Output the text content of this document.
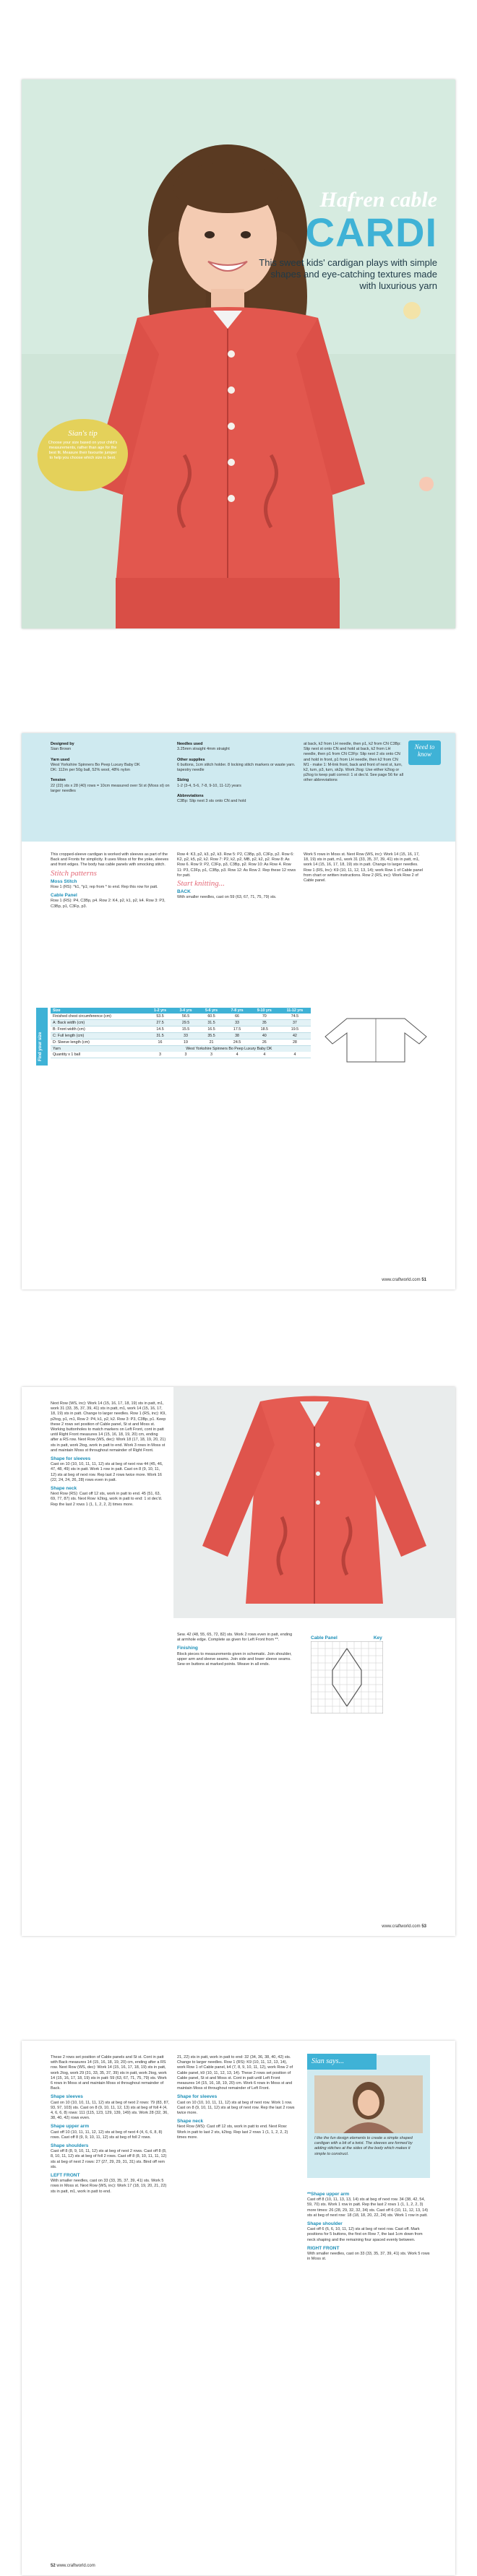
Hafren cable
CARDI
This sweet kids' cardigan plays with simple shapes and eye-catching textures made with luxurious yarn
Sian's tip
Choose your size based on your child's measurements, rather than age for the best fit. Measure their favourite jumper to help you choose which size is best.
Need to know
Designed by
Sian Brown

Yarn used
West Yorkshire Spinners Bo Peep Luxury Baby DK
DK: 112m per 50g ball, 52% wool, 48% nylon

Tension
22 (22) sts x 28 (40) rows = 10cm measured over St st (Moss st) on larger needles
Needles used
3.25mm straight 4mm straight

Other supplies
6 buttons, 1cm stitch holder. 8 locking stitch markers or waste yarn. tapestry needle

Sizing
1-2 (3-4, 5-6, 7-8, 9-10, 11-12) years

Abbreviations
C3Bp: Slip next 3 sts onto CN and hold
at back, k2 from LH needle, then p1, k2 from CN C3Bp: Slip next st onto CN and hold at back, k2 from LH needle, then p1 from CN C3Fp: Slip next 2 sts onto CN and hold in front, p1 from LH needle, then k2 from CN M1 - make 1: M-link front, back and front of next st, turn, k2, turn, p3, turn, sk2p. Work 2tog: Use either k2tog or p2tog to keep patt correct: 1 st dec'd. See page 56 for all other abbreviations
This cropped-sleeve cardigan is worked with sleeves as part of the Back and Fronts for simplicity. It uses Moss st for the yoke, sleeves and front edges. The body has cable panels with smocking stitch.
Stitch patterns
Moss Stitch
Row 1 (RS): *k1, *p1; rep from * to end. Rep this row for patt.
Cable Panel
Row 1 (RS): P4, C3Bp, p4. Row 2: K4, p2, k1, p2, k4. Row 3: P3, C3Bp, p1, C3Fp, p3.
Row 4: K3, p2, k3, p2, k3. Row 5: P2, C3Bp, p3, C3Fp, p2. Row 6: K2, p2, k5, p2, k2. Row 7: P2, k2, p2, MB, p2, k2, p2. Row 8: As Row 6. Row 9: P2, C3Fp, p3, C3Bp, p2. Row 10: As Row 4. Row 11: P3, C3Fp, p1, C3Bp, p3. Row 12: As Row 2. Rep these 12 rows for patt.
Start knitting...
BACK
With smaller needles, cast on 59 (63, 67, 71, 75, 79) sts.
Work 5 rows in Moss st. Next Row (WS, inc): Work 14 (15, 16, 17, 18, 19) sts in patt, m1, work 31 (33, 35, 37, 39, 41) sts in patt, m1, work 14 (15, 16, 17, 18, 19) sts in patt. Change to larger needles. Row 1 (RS, Inc): K9 (10, 11, 12, 13, 14); work Row 1 of Cable panel from chart or written instructions. Row 2 (RS, inc): Work Row 2 of Cable panel.
Find your size
Size	1-2 yrs	3-4 yrs	5-6 yrs	7-8 yrs	9-10 yrs	11-12 yrs
Finished chest circumference (cm)	53.5	56.5	60.5	66	70	74.5
A: Back width (cm)	27.5	29.5	31.5	33	35	37
B: Front width (cm)	14.5	15.5	16.5	17.5	18.5	19.5
C: Full length (cm)	31.5	33	35.5	38	40	42
D: Sleeve length (cm)	16	19	21	24.5	26	28
Yarn	West Yorkshire Spinners Bo Peep Luxury Baby DK					
Quantity x 1 ball	3	3	3	4	4	4
www.craftworld.com 51
Next Row (WS, inc): Work 14 (15, 16, 17, 18, 19) sts in patt, m1, work 31 (33, 35, 37, 39, 41) sts in patt, m1, work 14 (15, 16, 17, 18, 19) sts in patt. Change to larger needles. Row 1 (RS, inc): K9, p2tog, p1, m1, Row 2: P4, k1, p2, k2. Row 3: P3, C3Bp, p1. Keep these 2 rows set position of Cable panel, St st and Moss st. Working buttonholes to match markers on Left Front, cont in patt until Right Front measures 14 (15, 16, 18, 19, 20) cm, ending after a RS row. Next Row (WS, dec): Work 18 (17, 18, 19, 20, 21) sts in patt, work 2tog, work in patt to end. Work 3 rows in Moss st and maintain Moss st throughout remainder of Right Front.
Shape for sleeves
Cast on 10 (10, 10, 11, 11, 12) sts at beg of next row 44 (45, 46, 47, 48, 49) sts in patt. Work 1 row in patt. Cast on 8 (9, 10, 11, 12) sts at beg of next row. Rep last 2 rows twice more. Work 16 (22, 24, 24, 26, 28) rows even in patt.
Shape neck
Next Row (RS): Cast off 12 sts, work in patt to end. 45 (51, 63, 69, 77, 87) sts. Next Row: k2tog, work in patt to end: 1 st dec'd. Rep the last 2 rows 1 (1, 1, 2, 2, 2) times more.
Sew. 42 (48, 55, 65, 72, 82) sts. Work 2 rows even in patt, ending at armhole edge. Complete as given for Left Front from **.
Finishing
Block pieces to measurements given in schematic. Join shoulder, upper arm and sleeve seams. Join side and lower sleeve seams. Sew on buttons at marked points. Weave in all ends.
Cable Panel	Key
www.craftworld.com 53
These 2 rows set position of Cable panels and St st. Cont in patt with Back measures 14 (15, 16, 18, 19, 20) cm, ending after a RS row. Next Row (WS, dec): Work 14 (15, 16, 17, 18, 19) sts in patt, work 2tog, work 29 (31, 33, 35, 37, 39) sts in patt, work 2tog, work 14 (15, 16, 17, 18, 19) sts in patt: 59 (63, 67, 71, 75, 79) sts. Work 6 rows in Moss st and maintain Moss st throughout remainder of Back.
Shape sleeves
Cast on 10 (10, 10, 11, 11, 12) sts at beg of next 2 rows: 79 (83, 87, 93, 97, 103) sts. Cast on 8 (9, 10, 11, 12, 13) sts at beg of foll 4 (4, 4, 6, 6, 8) rows: 111 (115, 123, 129, 139, 149) sts. Work 28 (32, 36, 38, 40, 42) rows even.
Shape upper arm
Cast off 10 (10, 11, 11, 12, 12) sts at beg of next 4 (4, 6, 6, 8, 8) rows. Cast off 8 (9, 9, 10, 11, 12) sts at beg of foll 2 rows.
Shape shoulders
Cast off 8 (8, 9, 10, 11, 12) sts at beg of next 2 rows. Cast off 8 (8, 8, 10, 11, 12) sts at beg of foll 2 rows. Cast off 8 (8, 10, 11, 11, 12) sts at beg of next 2 rows: 27 (27, 29, 29, 31, 31) sts. Bind off rem sts.
LEFT FRONT
With smaller needles, cast on 33 (33, 35, 37, 39, 41) sts. Work 5 rows in Moss st. Next Row (WS, inc): Work 17 (18, 19, 20, 21, 22) sts in patt, m1, work in patt to end.
21, 22) sts in patt, work in patt to end: 32 (34, 36, 38, 40, 42) sts. Change to larger needles. Row 1 (RS): K9 (10, 11, 12, 13, 14), work Row 1 of Cable panel, k4 (7, 8, 9, 10, 11, 12), work Row 2 of Cable panel, k9 (10, 11, 12, 13, 14). These 2 rows set position of Cable panel, St st and Moss st. Cont in patt until Left Front measures 14 (15, 16, 18, 19, 20) cm. Work 6 rows in Moss st and maintain Moss st throughout remainder of Left Front.
Shape for sleeves
Cast on 10 (10, 10, 11, 11, 12) sts at beg of next row. Work 1 row. Cast on 8 (9, 10, 11, 12) sts at beg of next row. Rep the last 2 rows twice more.
Shape neck
Next Row (WS): Cast off 12 sts, work in patt to end. Next Row: Work in patt to last 2 sts, k2tog. Rep last 2 rows 1 (1, 1, 2, 2, 2) times more.
Sian says...
I like the fun design elements to create a simple shaped cardigan with a bit of a twist. The sleeves are formed by adding stitches at the sides of the body which makes it simple to construct.
**Shape upper arm
Cast off 8 (10, 11, 13, 13, 14) sts at beg of next row. 34 (38, 42, 54, 59, 70) sts. Work 1 row in patt. Rep the last 2 rows 1 (1, 1, 2, 2, 3) more times: 26 (28, 29, 32, 32, 34) sts. Cast off 6 (10, 11, 12, 13, 14) sts at beg of next row: 18 (18, 18, 20, 22, 24) sts. Work 1 row in patt.
Shape shoulder
Cast off 6 (6, 6, 10, 11, 12) sts at beg of next row. Cast off. Mark positions for 5 buttons, the first on Row 7, the last 1cm down from neck shaping and the remaining four spaced evenly between.
RIGHT FRONT
With smaller needles, cast on 33 (33, 35, 37, 39, 41) sts. Work 5 rows in Moss st.
52 www.craftworld.com
